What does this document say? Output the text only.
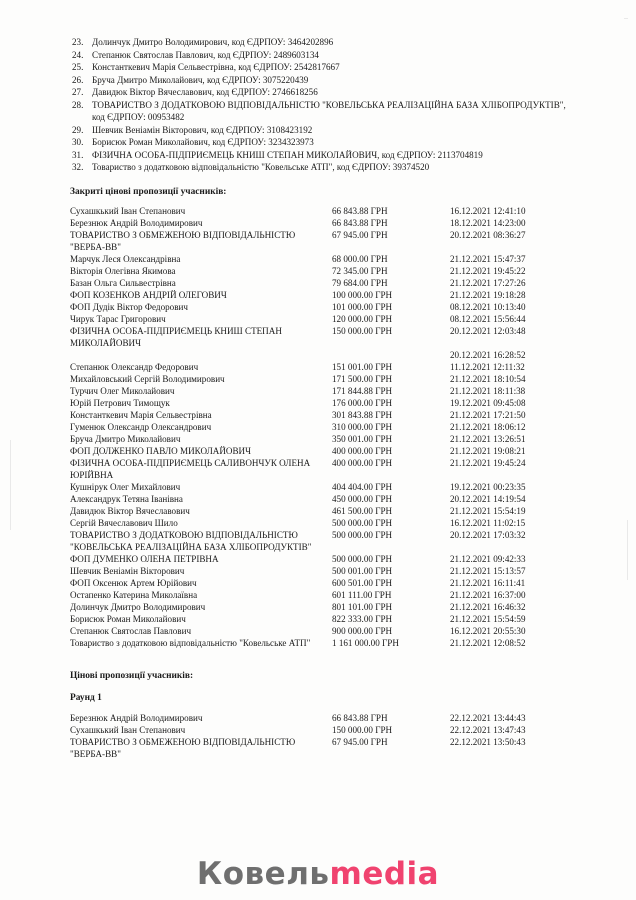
23. Долинчук Дмитро Володимирович, код ЄДРПОУ: 3464202896
24. Степанюк Святослав Павлович, код ЄДРПОУ: 2489603134
25. Константкевич Марія Сельвестрівна, код ЄДРПОУ: 2542817667
26. Бруча Дмитро Миколайович, код ЄДРПОУ: 3075220439
27. Давидюк Віктор Вячеславович, код ЄДРПОУ: 2746618256
28. ТОВАРИСТВО З ДОДАТКОВОЮ ВІДПОВІДАЛЬНІСТЮ "КОВЕЛЬСЬКА РЕАЛІЗАЦІЙНА БАЗА ХЛІБОПРОДУКТІВ", код ЄДРПОУ: 00953482
29. Шевчик Веніамін Вікторович, код ЄДРПОУ: 3108423192
30. Борисюк Роман Миколайович, код ЄДРПОУ: 3234323973
31. ФІЗИЧНА ОСОБА-ПІДПРИЄМЕЦЬ КНИШ СТЕПАН МИКОЛАЙОВИЧ, код ЄДРПОУ: 2113704819
32. Товариство з додатковою відповідальністю "Ковельське АТП", код ЄДРПОУ: 39374520
Закриті цінові пропозиції учасників:
Сухашкький Іван Степанович	66 843.88 ГРН	16.12.2021 12:41:10
Березнюк Андрій Володимирович	66 843.88 ГРН	18.12.2021 14:23:00
ТОВАРИСТВО З ОБМЕЖЕНОЮ ВІДПОВІДАЛЬНІСТЮ "ВЕРБА-ВВ"	67 945.00 ГРН	20.12.2021 08:36:27
Марчук Леся Олександрівна	68 000.00 ГРН	21.12.2021 15:47:37
Вікторія Олегівна Якимова	72 345.00 ГРН	21.12.2021 19:45:22
Базан Ольга Сильвестрівна	79 684.00 ГРН	21.12.2021 17:27:26
ФОП КОЗЕНКОВ АНДРІЙ ОЛЕГОВИЧ	100 000.00 ГРН	21.12.2021 19:18:28
ФОП Дудік Віктор Федорович	101 000.00 ГРН	08.12.2021 10:13:40
Чирук Тарас Григорович	120 000.00 ГРН	08.12.2021 15:56:44
ФІЗИЧНА ОСОБА-ПІДПРИЄМЕЦЬ КНИШ СТЕПАН МИКОЛАЙОВИЧ	150 000.00 ГРН	20.12.2021 12:03:48
		20.12.2021 16:28:52
Степанюк Олександр Федорович	151 001.00 ГРН	11.12.2021 12:11:32
Михайловський Сергій Володимирович	171 500.00 ГРН	21.12.2021 18:10:54
Турчич Олег Миколайович	171 844.88 ГРН	21.12.2021 18:11:38
Юрій Петрович Тимощук	176 000.00 ГРН	19.12.2021 09:45:08
Константкевич Марія Сельвестрівна	301 843.88 ГРН	21.12.2021 17:21:50
Гуменюк Олександр Олександрович	310 000.00 ГРН	21.12.2021 18:06:12
Бруча Дмитро Миколайович	350 001.00 ГРН	21.12.2021 13:26:51
ФОП ДОЛЖЕНКО ПАВЛО МИКОЛАЙОВИЧ	400 000.00 ГРН	21.12.2021 19:08:21
ФІЗИЧНА ОСОБА-ПІДПРИЄМЕЦЬ САЛИВОНЧУК ОЛЕНА ЮРІЙВНА	400 000.00 ГРН	21.12.2021 19:45:24
Кушнірук Олег Михайлович	404 404.00 ГРН	19.12.2021 00:23:35
Александрук Тетяна Іванівна	450 000.00 ГРН	20.12.2021 14:19:54
Давидюк Віктор Вячеславович	461 500.00 ГРН	21.12.2021 15:54:19
Сергій Вячеславович Шило	500 000.00 ГРН	16.12.2021 11:02:15
ТОВАРИСТВО З ДОДАТКОВОЮ ВІДПОВІДАЛЬНІСТЮ "КОВЕЛЬСЬКА РЕАЛІЗАЦІЙНА БАЗА ХЛІБОПРОДУКТІВ"	500 000.00 ГРН	20.12.2021 17:03:32
ФОП ДУМЕНКО ОЛЕНА ПЕТРІВНА	500 000.00 ГРН	21.12.2021 09:42:33
Шевчик Веніамін Вікторович	500 001.00 ГРН	21.12.2021 15:13:57
ФОП Оксенюк Артем Юрійович	600 501.00 ГРН	21.12.2021 16:11:41
Остапенко Катерина Миколаївна	601 111.00 ГРН	21.12.2021 16:37:00
Долинчук Дмитро Володимирович	801 101.00 ГРН	21.12.2021 16:46:32
Борисюк Роман Миколайович	822 333.00 ГРН	21.12.2021 15:54:59
Степанюк Святослав Павлович	900 000.00 ГРН	16.12.2021 20:55:30
Товариство з додатковою відповідальністю "Ковельське АТП"	1 161 000.00 ГРН	21.12.2021 12:08:52
Цінові пропозиції учасників:
Раунд 1
Березнюк Андрій Володимирович	66 843.88 ГРН	22.12.2021 13:44:43
Сухашкький Іван Степанович	150 000.00 ГРН	22.12.2021 13:47:43
ТОВАРИСТВО З ОБМЕЖЕНОЮ ВІДПОВІДАЛЬНІСТЮ "ВЕРБА-ВВ"	67 945.00 ГРН	22.12.2021 13:50:43
Ковельmedia
